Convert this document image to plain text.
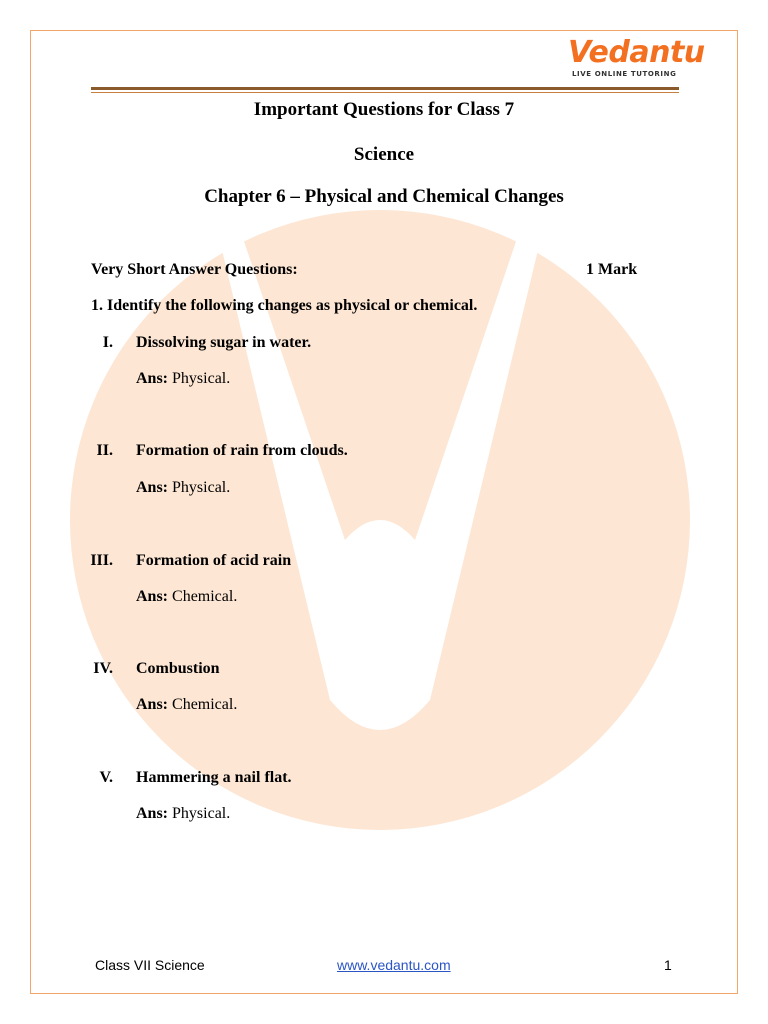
Vedantu
LIVE ONLINE TUTORING
Important Questions for Class 7
Science
Chapter 6 – Physical and Chemical Changes
Very Short Answer Questions:	1 Mark
1. Identify the following changes as physical or chemical.
I. Dissolving sugar in water.
Ans: Physical.
II. Formation of rain from clouds.
Ans: Physical.
III. Formation of acid rain
Ans: Chemical.
IV. Combustion
Ans: Chemical.
V. Hammering a nail flat.
Ans: Physical.
Class VII Science	www.vedantu.com	1
